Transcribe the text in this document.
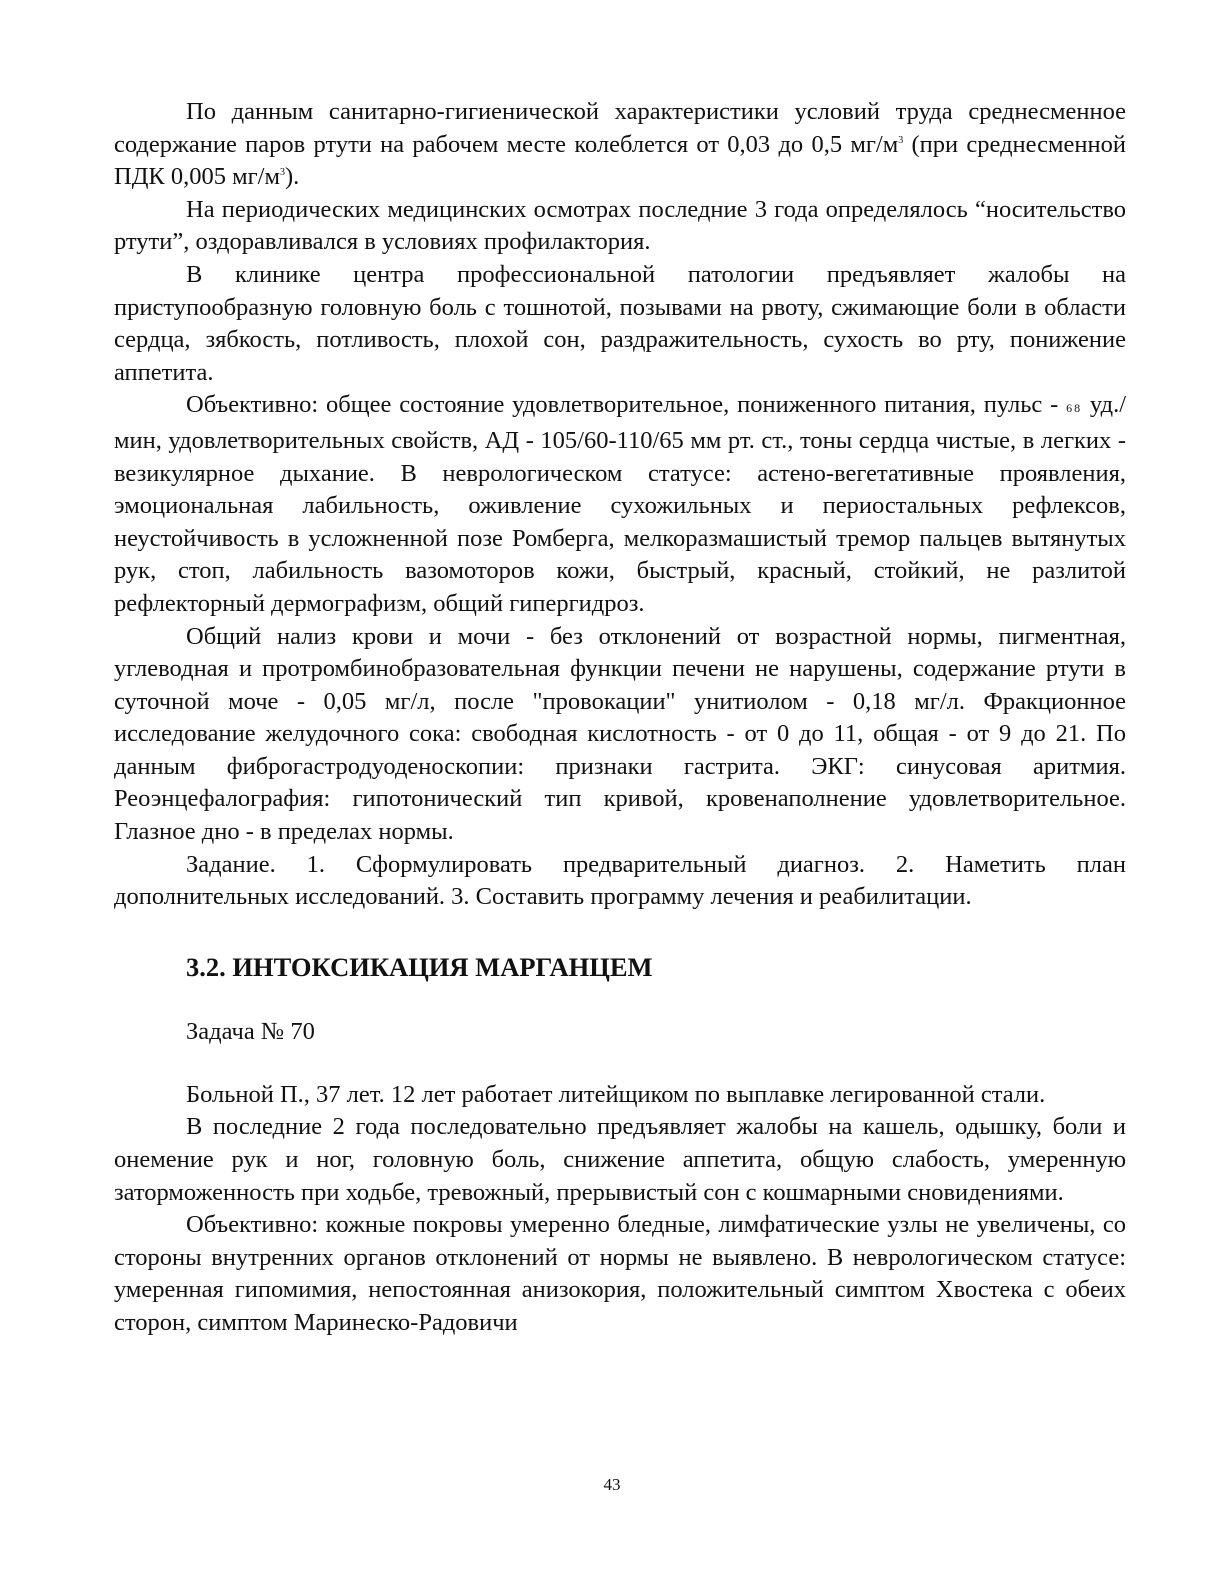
По данным санитарно-гигиенической характеристики условий труда среднесменное содержание паров ртути на рабочем месте колеблется от 0,03 до 0,5 $мг/м^3$ (при среднесменной ПДК 0,005 $мг/м^3$).

На периодических медицинских осмотрах последние 3 года определялось “носительство ртути”, оздоравливался в условиях профилактория.

В клинике центра профессиональной патологии предъявляет жалобы на приступообразную головную боль с тошнотой, позывами на рвоту, сжимающие боли в области сердца, зябкость, потливость, плохой сон, раздражительность, сухость во рту, понижение аппетита.

Объективно: общее состояние удовлетворительное, пониженного питания, пульс - 68 уд./мин, удовлетворительных свойств, АД - 105/60-110/65 мм рт. ст., тоны сердца чистые, в легких - везикулярное дыхание. В неврологическом статусе: астено-вегетативные проявления, эмоциональная лабильность, оживление сухожильных и периостальных рефлексов, неустойчивость в усложненной позе Ромберга, мелкоразмашистый тремор пальцев вытянутых рук, стоп, лабильность вазомоторов кожи, быстрый, красный, стойкий, не разлитой рефлекторный дермографизм, общий гипергидроз.

Общий нализ крови и мочи - без отклонений от возрастной нормы, пигментная, углеводная и протромбинобразовательная функции печени не нарушены, содержание ртути в суточной моче - 0,05 мг/л, после "провокации" унитиолом - 0,18 мг/л. Фракционное исследование желудочного сока: свободная кислотность - от 0 до 11, общая - от 9 до 21. По данным фиброгастродуоденоскопии: признаки гастрита. ЭКГ: синусовая аритмия. Реоэнцефалография: гипотонический тип кривой, кровенаполнение удовлетворительное. Глазное дно - в пределах нормы.

Задание. 1. Сформулировать предварительный диагноз. 2. Наметить план дополнительных исследований. 3. Составить программу лечения и реабилитации.

3.2. ИНТОКСИКАЦИЯ МАРГАНЦЕМ

Задача № 70

Больной П., 37 лет. 12 лет работает литейщиком по выплавке легированной стали.

В последние 2 года последовательно предъявляет жалобы на кашель, одышку, боли и онемение рук и ног, головную боль, снижение аппетита, общую слабость, умеренную заторможенность при ходьбе, тревожный, прерывистый сон с кошмарными сновидениями.

Объективно: кожные покровы умеренно бледные, лимфатические узлы не увеличены, со стороны внутренних органов отклонений от нормы не выявлено. В неврологическом статусе: умеренная гипомимия, непостоянная анизокория, положительный симптом Хвостека с обеих сторон, симптом Маринеско-Радовичи

43
